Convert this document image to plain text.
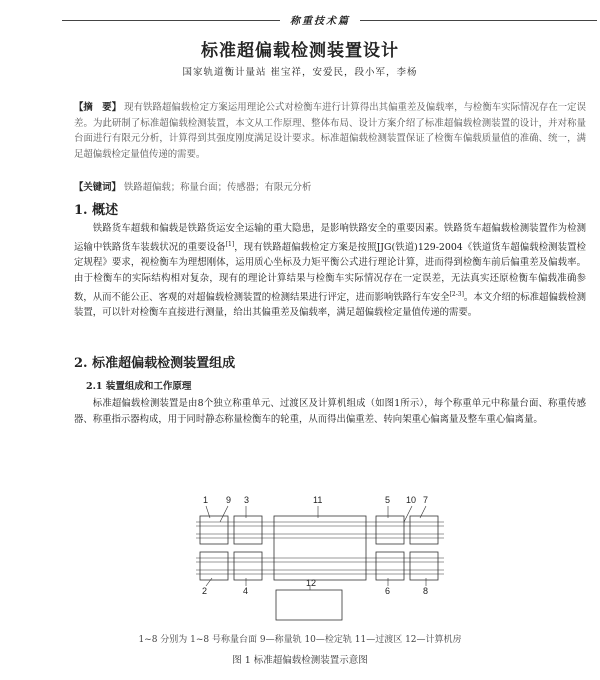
称重技术篇
标准超偏载检测装置设计
国家轨道衡计量站 崔宝祥，安爱民，段小军，李杨
【摘　要】 现有铁路超偏载检定方案运用理论公式对检衡车进行计算得出其偏重差及偏载率，与检衡车实际情况存在一定误差。为此研制了标准超偏载检测装置，本文从工作原理、整体布局、设计方案介绍了标准超偏载检测装置的设计，并对称量台面进行有限元分析，计算得到其强度刚度满足设计要求。标准超偏载检测装置保证了检衡车偏载质量值的准确、统一，满足超偏载检定量值传递的需要。
【关键词】 铁路超偏载；称量台面；传感器；有限元分析
1. 概述
铁路货车超载和偏载是铁路货运安全运输的重大隐患，是影响铁路安全的重要因素。铁路货车超偏载检测装置作为检测运输中铁路货车装载状况的重要设备[1]，现有铁路超偏载检定方案是按照JJG(铁道)129-2004《铁道货车超偏载检测装置检定规程》要求，视检衡车为理想刚体，运用质心坐标及力矩平衡公式进行理论计算，进而得到检衡车前后偏重差及偏载率。由于检衡车的实际结构相对复杂，现有的理论计算结果与检衡车实际情况存在一定误差，无法真实还原检衡车偏载准确参数，从而不能公正、客观的对超偏载检测装置的检测结果进行评定，进而影响铁路行车安全[2-3]。本文介绍的标准超偏载检测装置，可以针对检衡车直接进行测量，给出其偏重差及偏载率，满足超偏载检定量值传递的需要。
2. 标准超偏载检测装置组成
2.1 装置组成和工作原理
标准超偏载检测装置是由8个独立称重单元、过渡区及计算机组成（如图1所示），每个称重单元中称量台面、称重传感器、称重指示器构成，用于同时静态称量检衡车的轮重，从而得出偏重差、转向架重心偏离量及整车重心偏离量。
1 9 3	11	5 10 7
2	4
12
6	8
1~8 分别为 1~8 号称量台面 9—称量轨 10—检定轨 11—过渡区 12—计算机房
图 1 标准超偏载检测装置示意图
